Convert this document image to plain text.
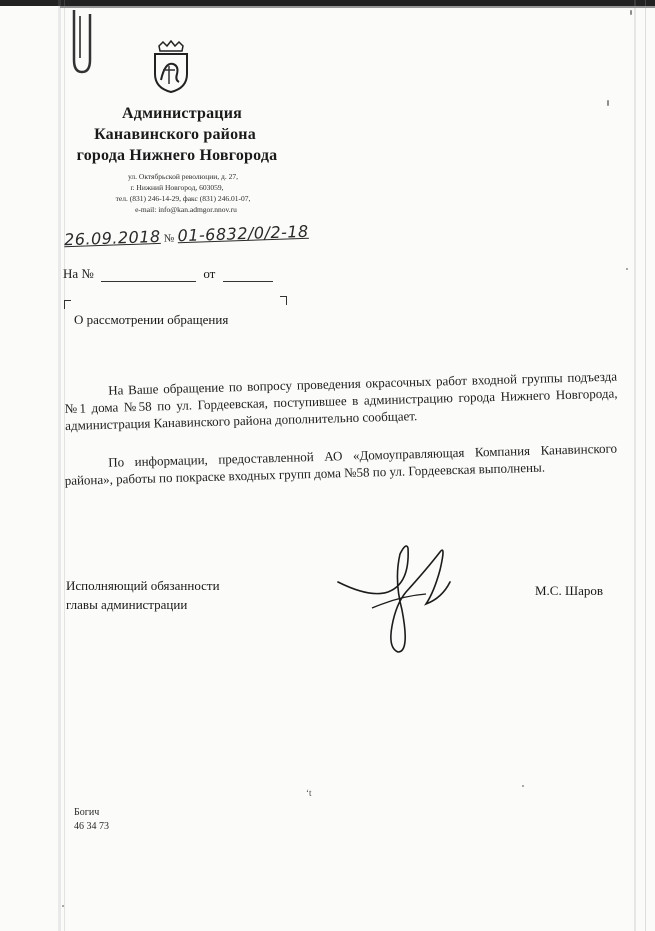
Администрация
Канавинского района
города Нижнего Новгорода
ул. Октябрьской революции, д. 27,
г. Нижний Новгород, 603059,
тел. (831) 246-14-29, факс (831) 246.01-07,
e-mail: info@kan.admgor.nnov.ru
26.09.2018 № 01-6832/0/2-18
На №	от
О рассмотрении обращения
На Ваше обращение по вопросу проведения окрасочных работ входной группы подъезда №1 дома №58 по ул. Гордеевская, поступившее в администрацию города Нижнего Новгорода, администрация Канавинского района дополнительно сообщает.
По информации, предоставленной АО «Домоуправляющая Компания Канавинского района», работы по покраске входных групп дома №58 по ул. Гордеевская выполнены.
Исполняющий обязанности
главы администрации
М.С. Шаров
ʻt
Богич
46 34 73
